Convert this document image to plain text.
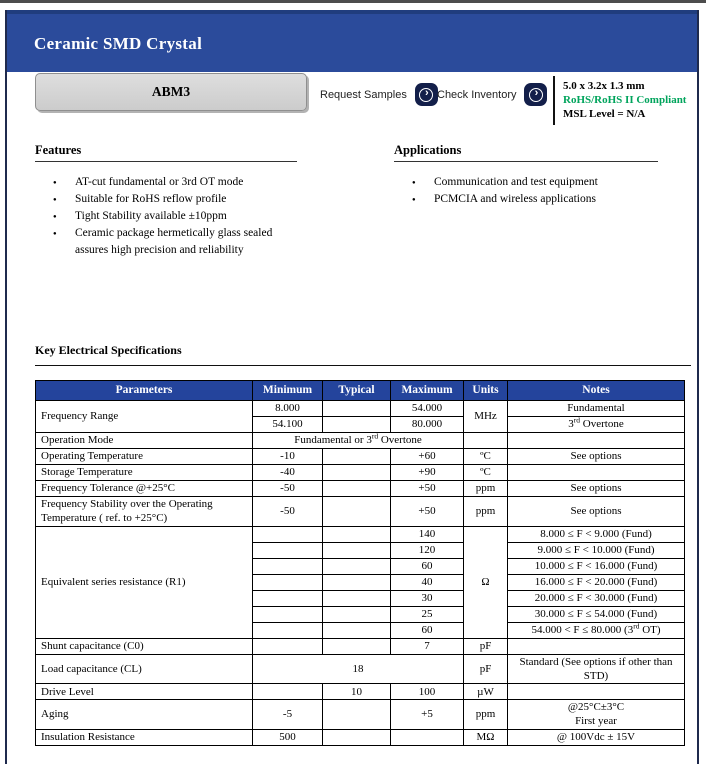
Ceramic SMD Crystal
ABM3	Request Samples › Check Inventory ›
5.0 x 3.2x 1.3 mm
RoHS/RoHS II Compliant
MSL Level = N/A
Features
● AT-cut fundamental or 3rd OT mode
● Suitable for RoHS reflow profile
● Tight Stability available ±10ppm
● Ceramic package hermetically glass sealed assures high precision and reliability
Applications
● Communication and test equipment
● PCMCIA and wireless applications
Key Electrical Specifications
Parameters	Minimum	Typical	Maximum	Units	Notes
Frequency Range	8.000		54.000	MHz	Fundamental
	54.100		80.000		3rd Overtone
Operation Mode	Fundamental or 3rd Overtone				
Operating Temperature	-10		+60	ºC	See options
Storage Temperature	-40		+90	ºC	
Frequency Tolerance @+25°C	-50		+50	ppm	See options
Frequency Stability over the Operating Temperature ( ref. to +25°C)	-50		+50	ppm	See options
Equivalent series resistance (R1)			140	Ω	8.000 ≤ F < 9.000 (Fund)
			120		9.000 ≤ F < 10.000 (Fund)
			60		10.000 ≤ F < 16.000 (Fund)
			40		16.000 ≤ F < 20.000 (Fund)
			30		20.000 ≤ F < 30.000 (Fund)
			25		30.000 ≤ F ≤ 54.000 (Fund)
			60		54.000 < F ≤ 80.000 (3rd OT)
Shunt capacitance (C0)			7	pF	
Load capacitance (CL)	18			pF	Standard (See options if other than STD)
Drive Level		10	100	µW	
Aging	-5		+5	ppm	@25°C±3°C
First year
Insulation Resistance	500			MΩ	@ 100Vdc ± 15V
